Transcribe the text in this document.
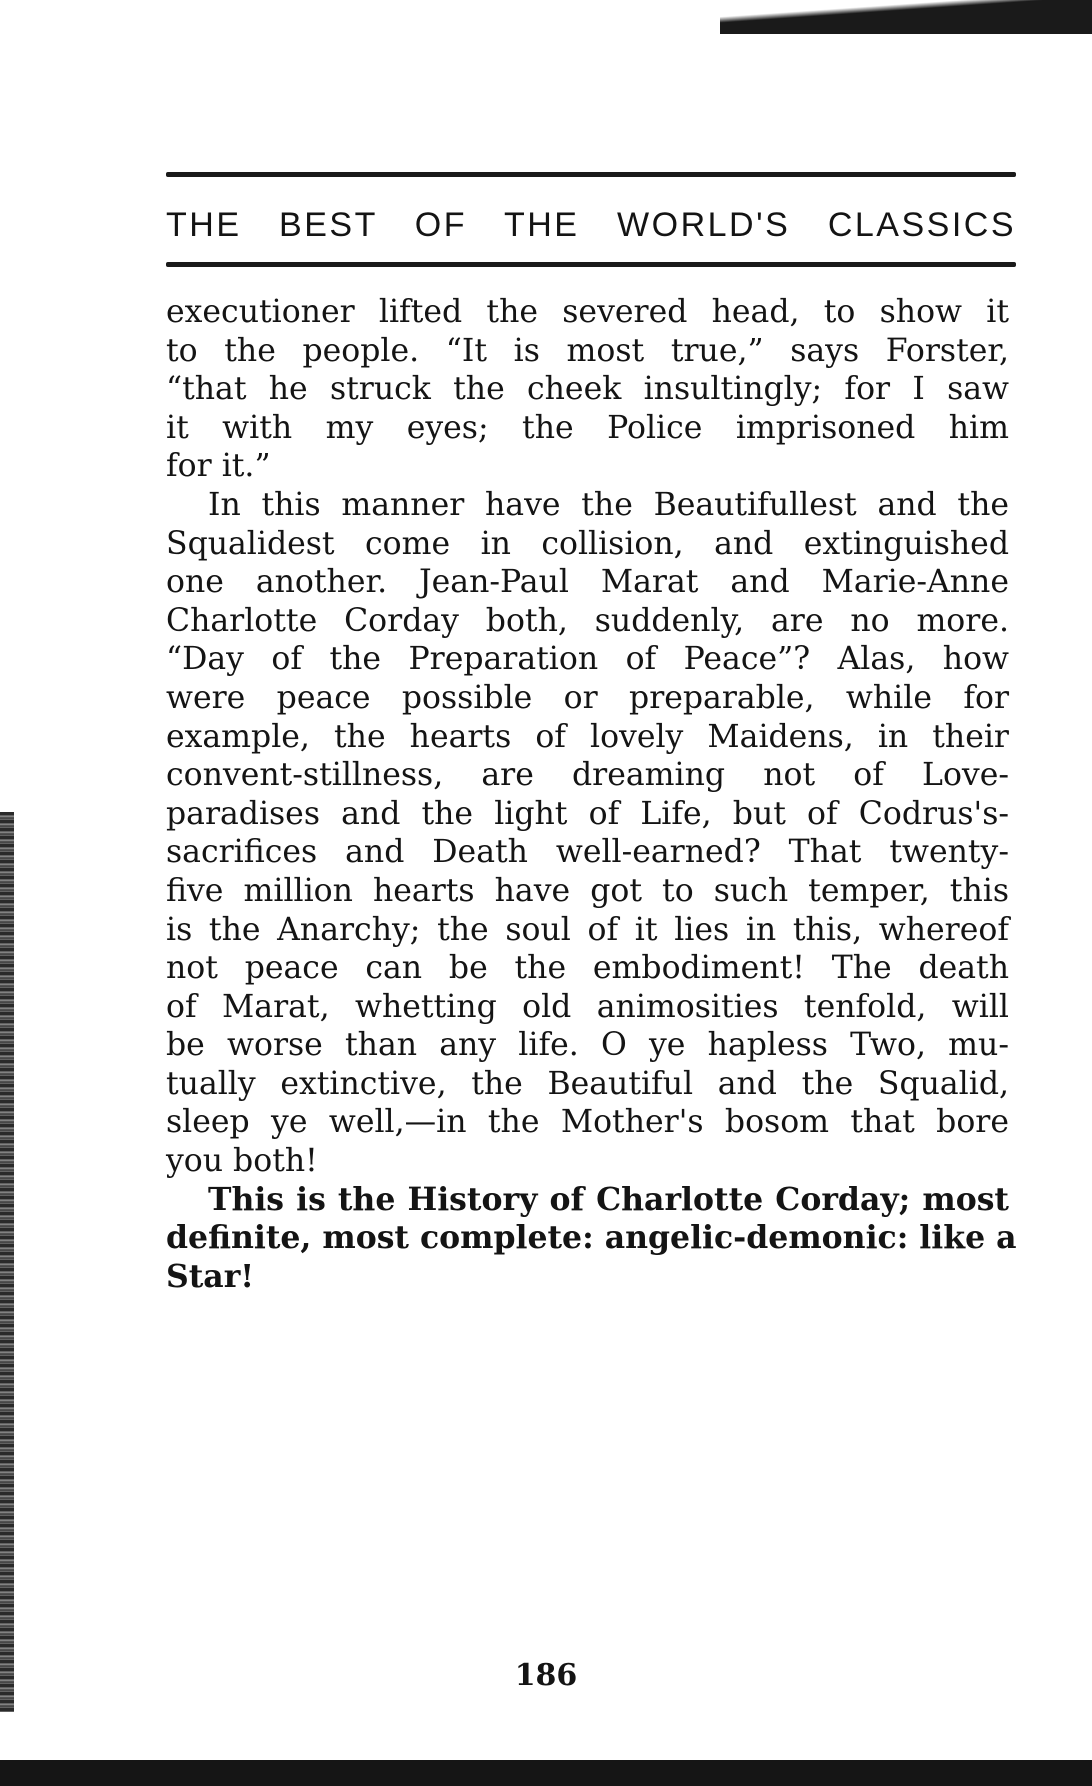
THE BEST OF THE WORLD'S CLASSICS

executioner lifted the severed head, to show it
to the people. “It is most true,” says Forster,
“that he struck the cheek insultingly; for I saw
it with my eyes; the Police imprisoned him
for it.”

In this manner have the Beautifullest and the
Squalidest come in collision, and extinguished
one another. Jean-Paul Marat and Marie-Anne
Charlotte Corday both, suddenly, are no more.
“Day of the Preparation of Peace”? Alas, how
were peace possible or preparable, while for
example, the hearts of lovely Maidens, in their
convent-stillness, are dreaming not of Love-
paradises and the light of Life, but of Codrus's-
sacrifices and Death well-earned? That twenty-
five million hearts have got to such temper, this
is the Anarchy; the soul of it lies in this, whereof
not peace can be the embodiment! The death
of Marat, whetting old animosities tenfold, will
be worse than any life. O ye hapless Two, mu-
tually extinctive, the Beautiful and the Squalid,
sleep ye well,—in the Mother's bosom that bore
you both!

This is the History of Charlotte Corday; most
definite, most complete: angelic-demonic: like a
Star!

186
